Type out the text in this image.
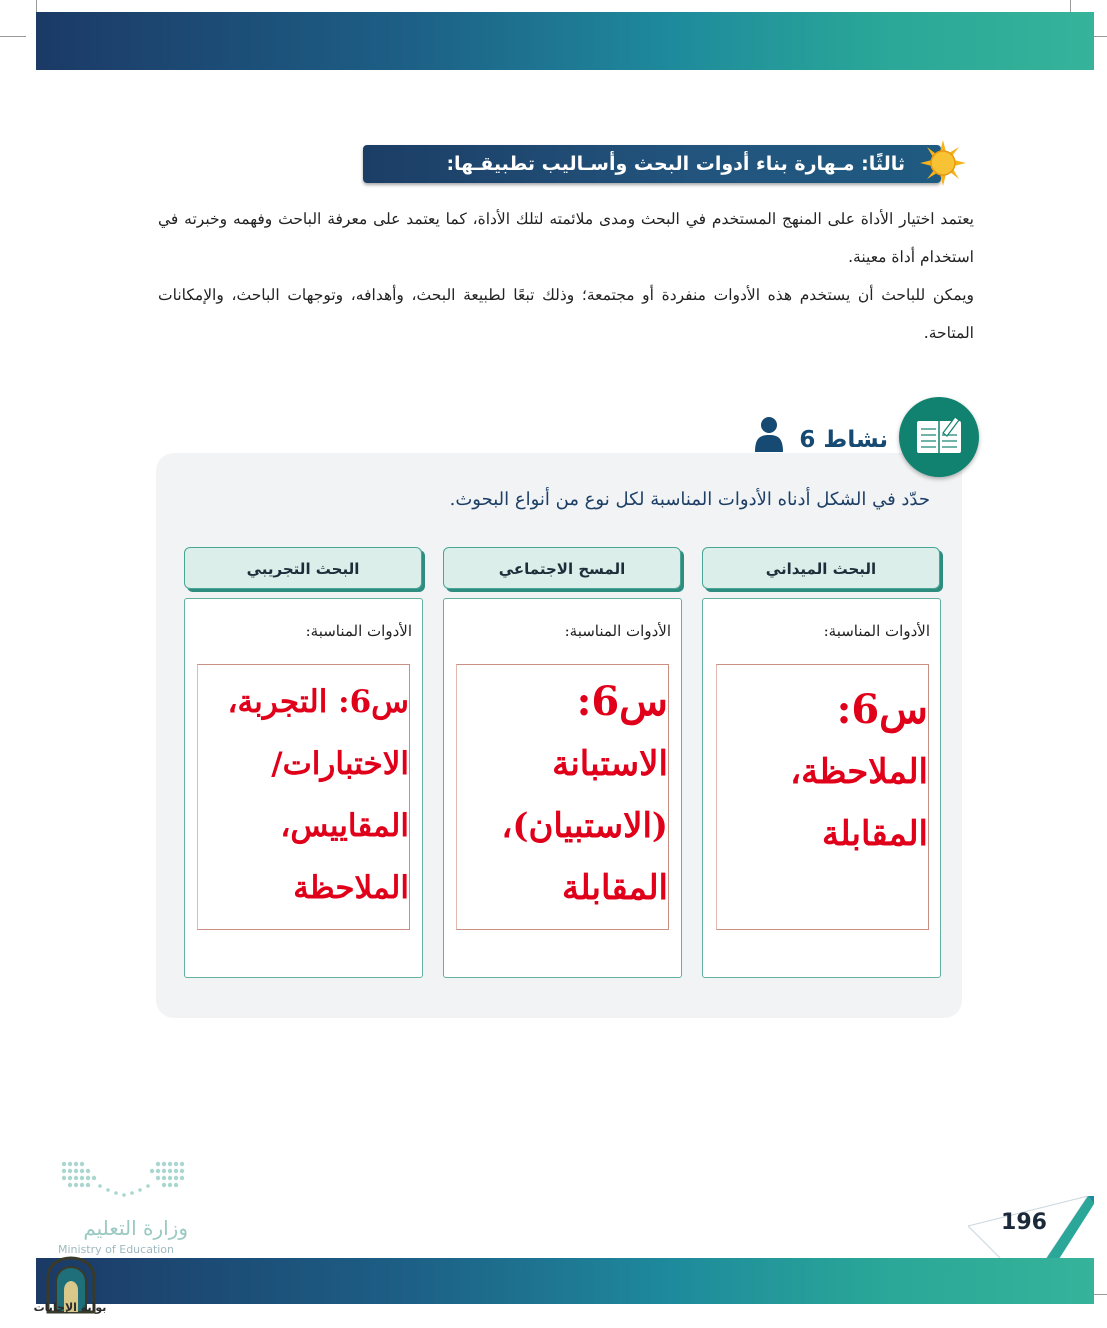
ثالثًا: مـهارة بناء أدوات البحث وأسـاليب تطبيقـها:
يعتمد اختيار الأداة على المنهج المستخدم في البحث ومدى ملائمته لتلك الأداة، كما يعتمد على معرفة الباحث وفهمه وخبرته في استخدام أداة معينة.
ويمكن للباحث أن يستخدم هذه الأدوات منفردة أو مجتمعة؛ وذلك تبعًا لطبيعة البحث، وأهدافه، وتوجهات الباحث، والإمكانات المتاحة.
نشاط 6
حدّد في الشكل أدناه الأدوات المناسبة لكل نوع من أنواع البحوث.
البحث الميداني
الأدوات المناسبة:
س6:
الملاحظة،
المقابلة
المسح الاجتماعي
الأدوات المناسبة:
س6:
الاستبانة
(الاستبيان)،
المقابلة
البحث التجريبي
الأدوات المناسبة:
س6: التجربة،
الاختبارات/
المقاييس،
الملاحظة
196
وزارة التعليم
Ministry of Education
بوابة الإجابات
